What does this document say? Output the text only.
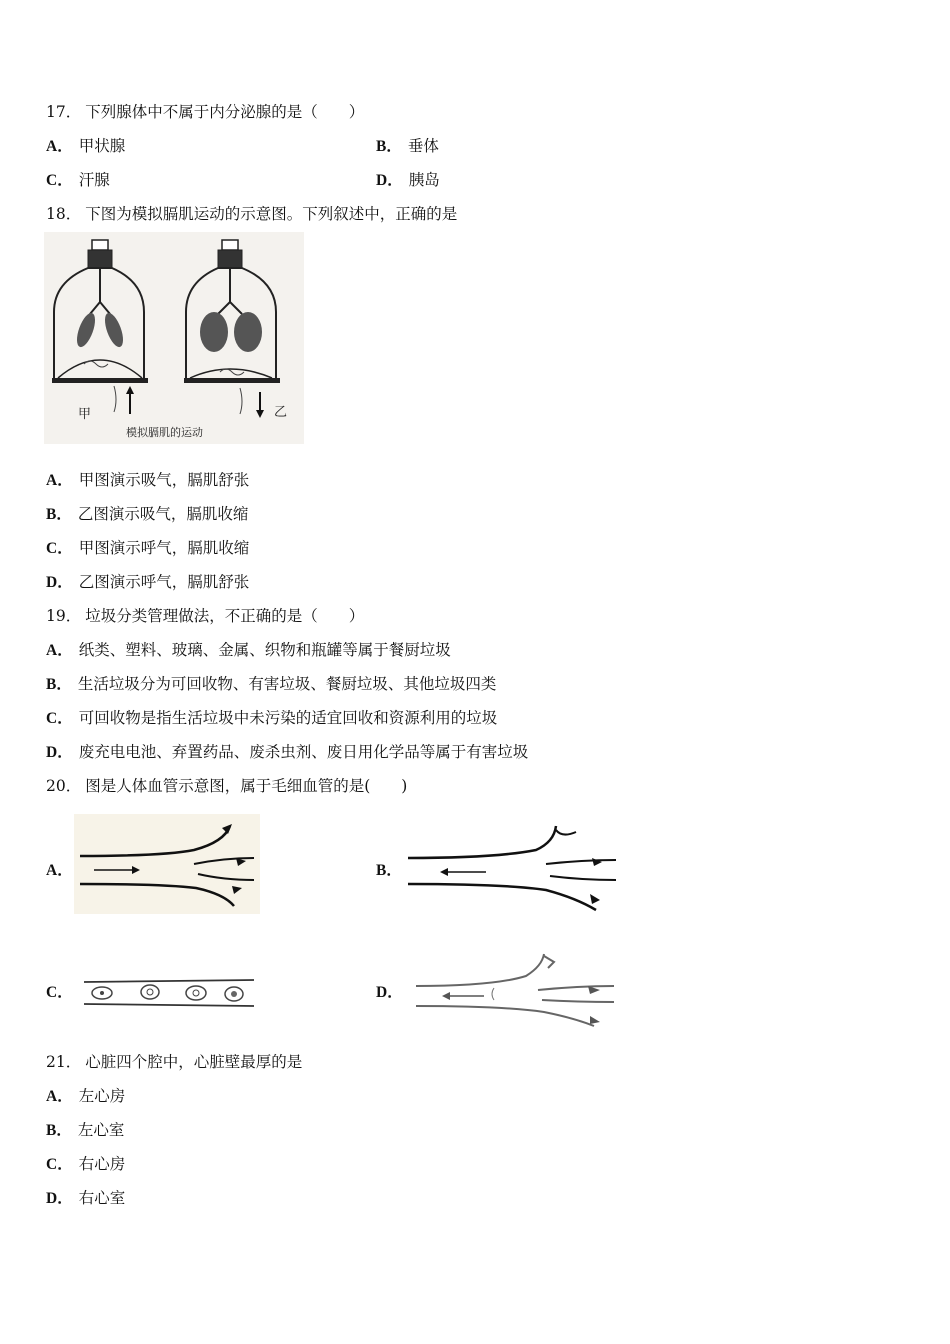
17． 下列腺体中不属于内分泌腺的是（　　）
A． 甲状腺	B． 垂体
C． 汗腺	D． 胰岛
18． 下图为模拟膈肌运动的示意图。下列叙述中，正确的是
甲	乙
模拟膈肌的运动
A． 甲图演示吸气，膈肌舒张
B． 乙图演示吸气，膈肌收缩
C． 甲图演示呼气，膈肌收缩
D． 乙图演示呼气，膈肌舒张
19． 垃圾分类管理做法，不正确的是（　　）
A． 纸类、塑料、玻璃、金属、织物和瓶罐等属于餐厨垃圾
B． 生活垃圾分为可回收物、有害垃圾、餐厨垃圾、其他垃圾四类
C． 可回收物是指生活垃圾中未污染的适宜回收和资源利用的垃圾
D． 废充电电池、弃置药品、废杀虫剂、废日用化学品等属于有害垃圾
20． 图是人体血管示意图，属于毛细血管的是(　　)
A．	B．
C．	D．
21． 心脏四个腔中，心脏壁最厚的是
A． 左心房
B． 左心室
C． 右心房
D． 右心室
